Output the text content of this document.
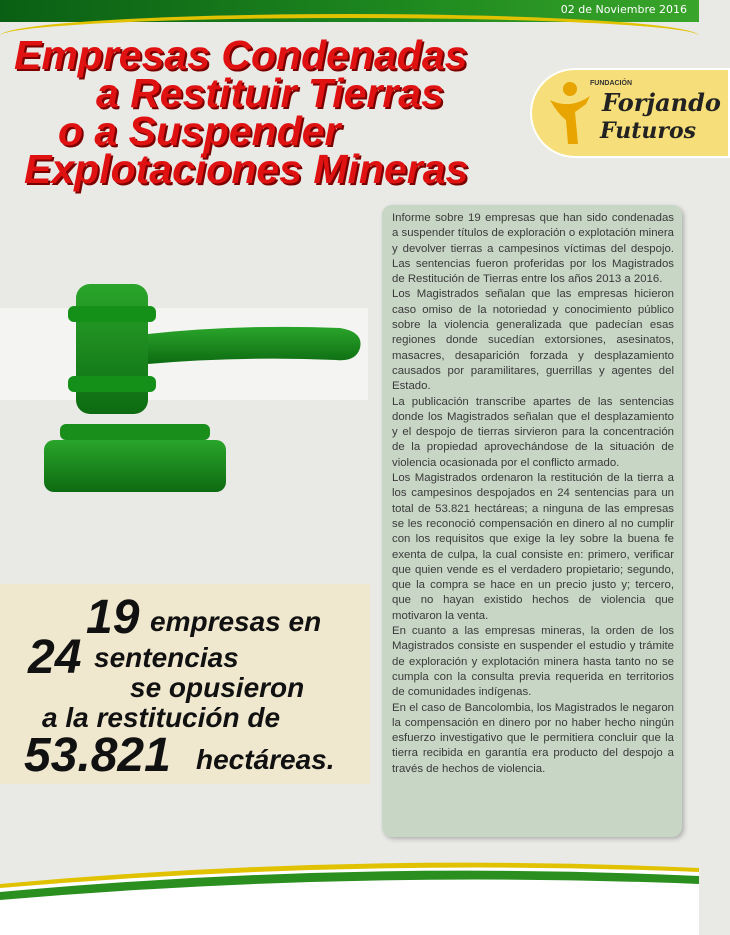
02 de Noviembre 2016
Empresas Condenadas
a Restituir Tierras
o a Suspender
Explotaciones Mineras
FUNDACIÓN
Forjando
Futuros
19 empresas en
24 sentencias
se opusieron
a la restitución de
53.821 hectáreas.

Informe sobre 19 empresas que han sido condenadas a suspender títulos de exploración o explotación minera y devolver tierras a campesinos víctimas del despojo. Las sentencias fueron proferidas por los Magistrados de Restitución de Tierras entre los años 2013 a 2016.

Los Magistrados señalan que las empresas hicieron caso omiso de la notoriedad y conocimiento público sobre la violencia generalizada que padecían esas regiones donde sucedían extorsiones, asesinatos, masacres, desaparición forzada y desplazamiento causados por paramilitares, guerrillas y agentes del Estado.

La publicación transcribe apartes de las sentencias donde los Magistrados señalan que el desplazamiento y el despojo de tierras sirvieron para la concentración de la propiedad aprovechándose de la situación de violencia ocasionada por el conflicto armado.

Los Magistrados ordenaron la restitución de la tierra a los campesinos despojados en 24 sentencias para un total de 53.821 hectáreas; a ninguna de las empresas se les reconoció compensación en dinero al no cumplir con los requisitos que exige la ley sobre la buena fe exenta de culpa, la cual consiste en: primero, verificar que quien vende es el verdadero propietario; segundo, que la compra se hace en un precio justo y; tercero, que no hayan existido hechos de violencia que motivaron la venta.

En cuanto a las empresas mineras, la orden de los Magistrados consiste en suspender el estudio y trámite de exploración y explotación minera hasta tanto no se cumpla con la consulta previa requerida en territorios de comunidades indígenas.

En el caso de Bancolombia, los Magistrados le negaron la compensación en dinero por no haber hecho ningún esfuerzo investigativo que le permitiera concluir que la tierra recibida en garantía era producto del despojo a través de hechos de violencia.
